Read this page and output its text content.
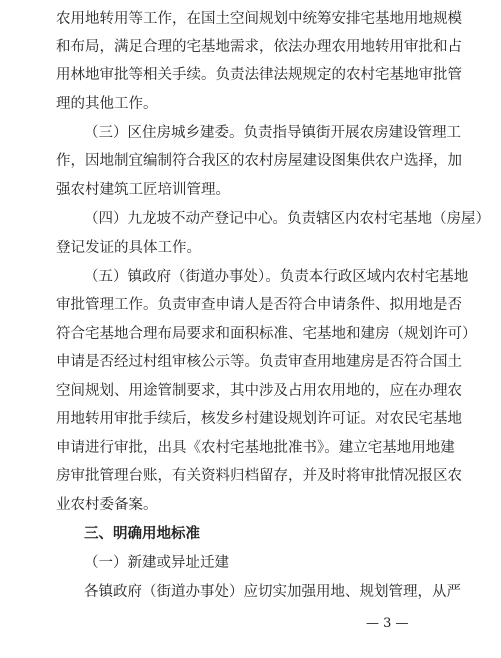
农用地转用等工作，在国土空间规划中统筹安排宅基地用地规模
和布局，满足合理的宅基地需求，依法办理农用地转用审批和占
用林地审批等相关手续。负责法律法规规定的农村宅基地审批管
理的其他工作。
（三）区住房城乡建委。负责指导镇街开展农房建设管理工
作，因地制宜编制符合我区的农村房屋建设图集供农户选择，加
强农村建筑工匠培训管理。
（四）九龙坡不动产登记中心。负责辖区内农村宅基地（房屋）
登记发证的具体工作。
（五）镇政府（街道办事处）。负责本行政区域内农村宅基地
审批管理工作。负责审查申请人是否符合申请条件、拟用地是否
符合宅基地合理布局要求和面积标准、宅基地和建房（规划许可）
申请是否经过村组审核公示等。负责审查用地建房是否符合国土
空间规划、用途管制要求，其中涉及占用农用地的，应在办理农
用地转用审批手续后，核发乡村建设规划许可证。对农民宅基地
申请进行审批，出具《农村宅基地批准书》。建立宅基地用地建
房审批管理台账，有关资料归档留存，并及时将审批情况报区农
业农村委备案。
三、明确用地标准
（一）新建或异址迁建
各镇政府（街道办事处）应切实加强用地、规划管理，从严
— 3 —
